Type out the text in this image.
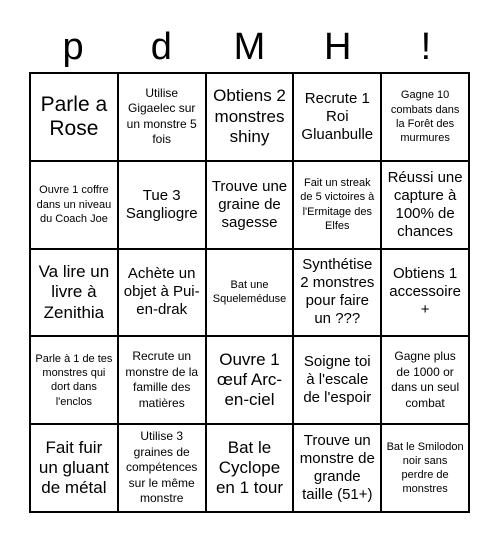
p	d	M	H	!
Parle a Rose
Utilise Gigaelec sur un monstre 5 fois
Obtiens 2 monstres shiny
Recrute 1 Roi Gluanbulle
Gagne 10 combats dans la Forêt des murmures
Ouvre 1 coffre dans un niveau du Coach Joe
Tue 3 Sangliogre
Trouve une graine de sagesse
Fait un streak de 5 victoires à l'Ermitage des Elfes
Réussi une capture à 100% de chances
Va lire un livre à Zenithia
Achète un objet à Pui-en-drak
Bat une Squeleméduse
Synthétise 2 monstres pour faire un ???
Obtiens 1 accessoire +
Parle à 1 de tes monstres qui dort dans l'enclos
Recrute un monstre de la famille des matières
Ouvre 1 œuf Arc-en-ciel
Soigne toi à l'escale de l'espoir
Gagne plus de 1000 or dans un seul combat
Fait fuir un gluant de métal
Utilise 3 graines de compétences sur le même monstre
Bat le Cyclope en 1 tour
Trouve un monstre de grande taille (51+)
Bat le Smilodon noir sans perdre de monstres
